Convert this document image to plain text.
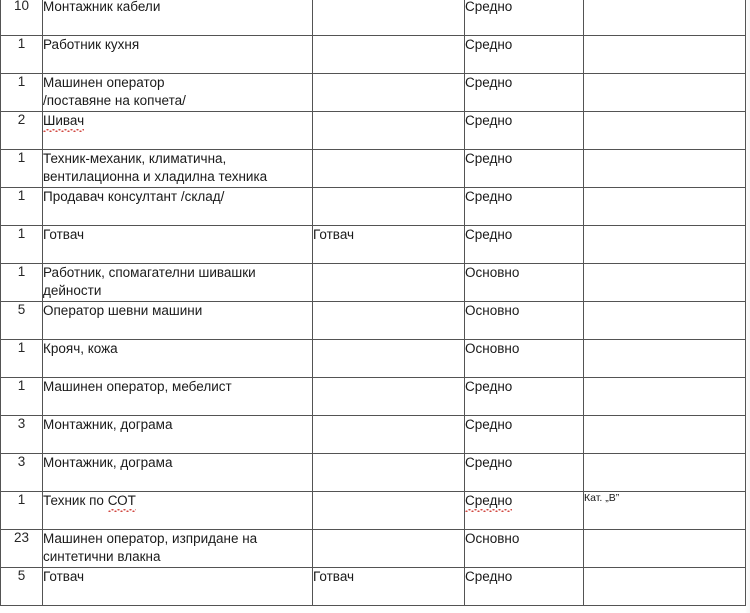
10	Монтажник кабели		Средно	
1	Работник кухня		Средно	
1	Машинен оператор
/поставяне на копчета/		Средно	
2	Шивач		Средно	
1	Техник-механик, климатична,
вентилационна и хладилна техника		Средно	
1	Продавач консултант /склад/		Средно	
1	Готвач	Готвач	Средно	
1	Работник, спомагателни шивашки
дейности		Основно	
5	Оператор шевни машини		Основно	
1	Крояч, кожа		Основно	
1	Машинен оператор, мебелист		Средно	
3	Монтажник, дограма		Средно	
3	Монтажник, дограма		Средно	
1	Техник по СОТ		Средно	Кат. „В”
23	Машинен оператор, изпридане на
синтетични влакна		Основно	
5	Готвач	Готвач	Средно	
